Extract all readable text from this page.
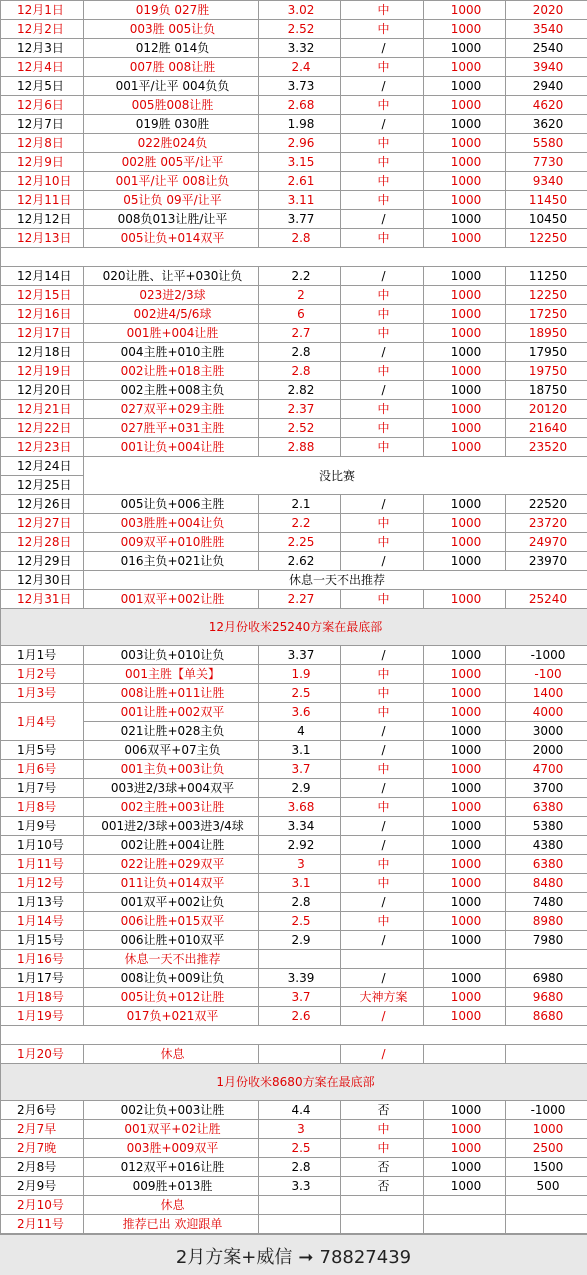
12月1日	019负 027胜	3.02	中	1000	2020
12月2日	003胜 005让负	2.52	中	1000	3540
12月3日	012胜 014负	3.32	/	1000	2540
12月4日	007胜 008让胜	2.4	中	1000	3940
12月5日	001平/让平 004负负	3.73	/	1000	2940
12月6日	005胜008让胜	2.68	中	1000	4620
12月7日	019胜 030胜	1.98	/	1000	3620
12月8日	022胜024负	2.96	中	1000	5580
12月9日	002胜 005平/让平	3.15	中	1000	7730
12月10日	001平/让平 008让负	2.61	中	1000	9340
12月11日	05让负 09平/让平	3.11	中	1000	11450
12月12日	008负013让胜/让平	3.77	/	1000	10450
12月13日	005让负+014双平	2.8	中	1000	12250

12月14日	020让胜、让平+030让负	2.2	/	1000	11250
12月15日	023进2/3球	2	中	1000	12250
12月16日	002进4/5/6球	6	中	1000	17250
12月17日	001胜+004让胜	2.7	中	1000	18950
12月18日	004主胜+010主胜	2.8	/	1000	17950
12月19日	002让胜+018主胜	2.8	中	1000	19750
12月20日	002主胜+008主负	2.82	/	1000	18750
12月21日	027双平+029主胜	2.37	中	1000	20120
12月22日	027胜平+031主胜	2.52	中	1000	21640
12月23日	001让负+004让胜	2.88	中	1000	23520
12月24日	没比赛				
12月25日					
12月26日	005让负+006主胜	2.1	/	1000	22520
12月27日	003胜胜+004让负	2.2	中	1000	23720
12月28日	009双平+010胜胜	2.25	中	1000	24970
12月29日	016主负+021让负	2.62	/	1000	23970
12月30日	休息一天不出推荐				
12月31日	001双平+002让胜	2.27	中	1000	25240
12月份收米25240方案在最底部					
1月1号	003让负+010让负	3.37	/	1000	-1000
1月2号	001主胜【单关】	1.9	中	1000	-100
1月3号	008让胜+011让胜	2.5	中	1000	1400
1月4号	001让胜+002双平	3.6	中	1000	4000
	021让胜+028主负	4	/	1000	3000
1月5号	006双平+07主负	3.1	/	1000	2000
1月6号	001主负+003让负	3.7	中	1000	4700
1月7号	003进2/3球+004双平	2.9	/	1000	3700
1月8号	002主胜+003让胜	3.68	中	1000	6380
1月9号	001进2/3球+003进3/4球	3.34	/	1000	5380
1月10号	002让胜+004让胜	2.92	/	1000	4380
1月11号	022让胜+029双平	3	中	1000	6380
1月12号	011让负+014双平	3.1	中	1000	8480
1月13号	001双平+002让负	2.8	/	1000	7480
1月14号	006让胜+015双平	2.5	中	1000	8980
1月15号	006让胜+010双平	2.9	/	1000	7980
1月16号	休息一天不出推荐				
1月17号	008让负+009让负	3.39	/	1000	6980
1月18号	005让负+012让胜	3.7	大神方案	1000	9680
1月19号	017负+021双平	2.6	/	1000	8680

1月20号	休息		/		
1月份收米8680方案在最底部					
2月6号	002让负+003让胜	4.4	否	1000	-1000
2月7早	001双平+02让胜	3	中	1000	1000
2月7晚	003胜+009双平	2.5	中	1000	2500
2月8号	012双平+016让胜	2.8	否	1000	1500
2月9号	009胜+013胜	3.3	否	1000	500
2月10号	休息				
2月11号	推荐已出 欢迎跟单				
2月方案+威信 ➞ 78827439
